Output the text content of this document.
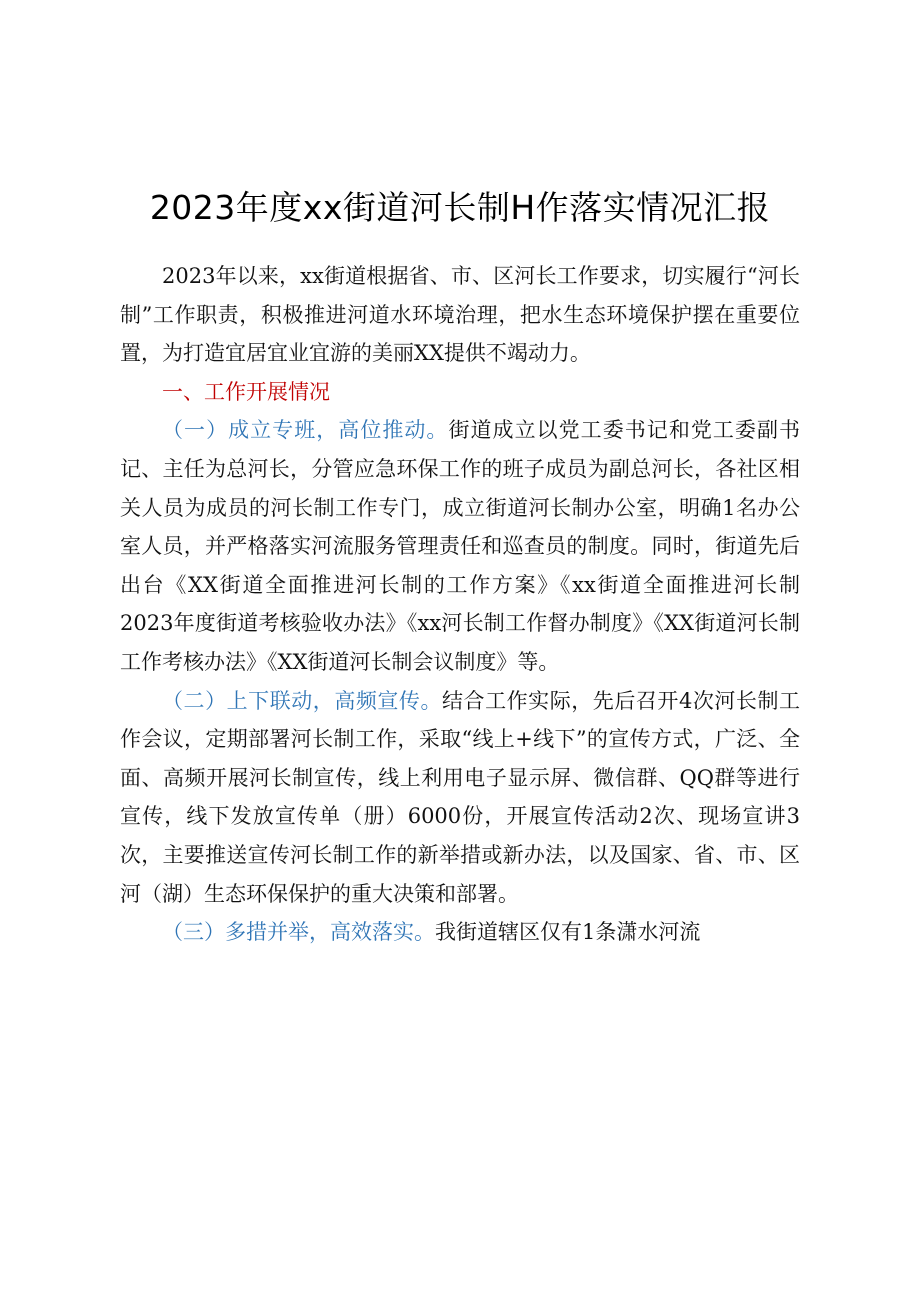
2023年度xx街道河长制H作落实情况汇报

2023年以来，xx街道根据省、市、区河长工作要求，切实履行“河长制”工作职责，积极推进河道水环境治理，把水生态环境保护摆在重要位置，为打造宜居宜业宜游的美丽XX提供不竭动力。

一、工作开展情况

（一）成立专班，高位推动。街道成立以党工委书记和党工委副书记、主任为总河长，分管应急环保工作的班子成员为副总河长，各社区相关人员为成员的河长制工作专门，成立街道河长制办公室，明确1名办公室人员，并严格落实河流服务管理责任和巡查员的制度。同时，街道先后出台《XX街道全面推进河长制的工作方案》《xx街道全面推进河长制2023年度街道考核验收办法》《xx河长制工作督办制度》《XX街道河长制工作考核办法》《XX街道河长制会议制度》等。

（二）上下联动，高频宣传。结合工作实际，先后召开4次河长制工作会议，定期部署河长制工作，采取“线上+线下”的宣传方式，广泛、全面、高频开展河长制宣传，线上利用电子显示屏、微信群、QQ群等进行宣传，线下发放宣传单（册）6000份，开展宣传活动2次、现场宣讲3次，主要推送宣传河长制工作的新举措或新办法，以及国家、省、市、区河（湖）生态环保保护的重大决策和部署。

（三）多措并举，高效落实。我街道辖区仅有1条潇水河流
